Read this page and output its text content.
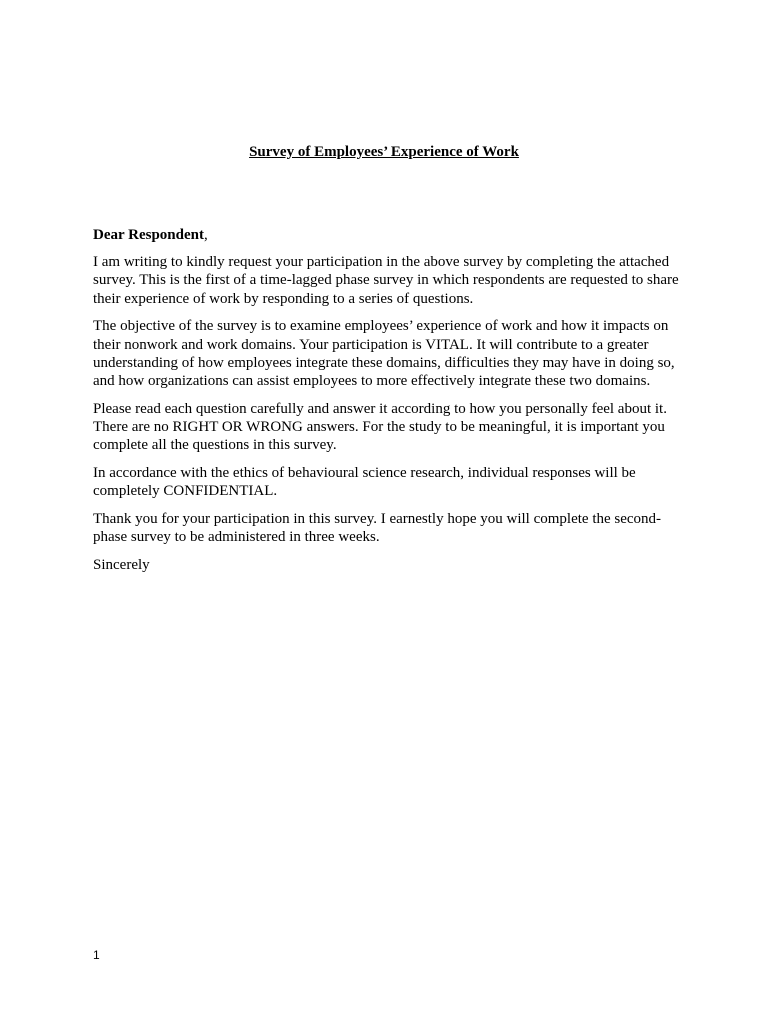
Survey of Employees’ Experience of Work
Dear Respondent,

I am writing to kindly request your participation in the above survey by completing the attached survey. This is the first of a time-lagged phase survey in which respondents are requested to share their experience of work by responding to a series of questions.

The objective of the survey is to examine employees’ experience of work and how it impacts on their nonwork and work domains. Your participation is VITAL. It will contribute to a greater understanding of how employees integrate these domains, difficulties they may have in doing so, and how organizations can assist employees to more effectively integrate these two domains.

Please read each question carefully and answer it according to how you personally feel about it. There are no RIGHT OR WRONG answers. For the study to be meaningful, it is important you complete all the questions in this survey.

In accordance with the ethics of behavioural science research, individual responses will be completely CONFIDENTIAL.

Thank you for your participation in this survey. I earnestly hope you will complete the second-phase survey to be administered in three weeks.

Sincerely

1
